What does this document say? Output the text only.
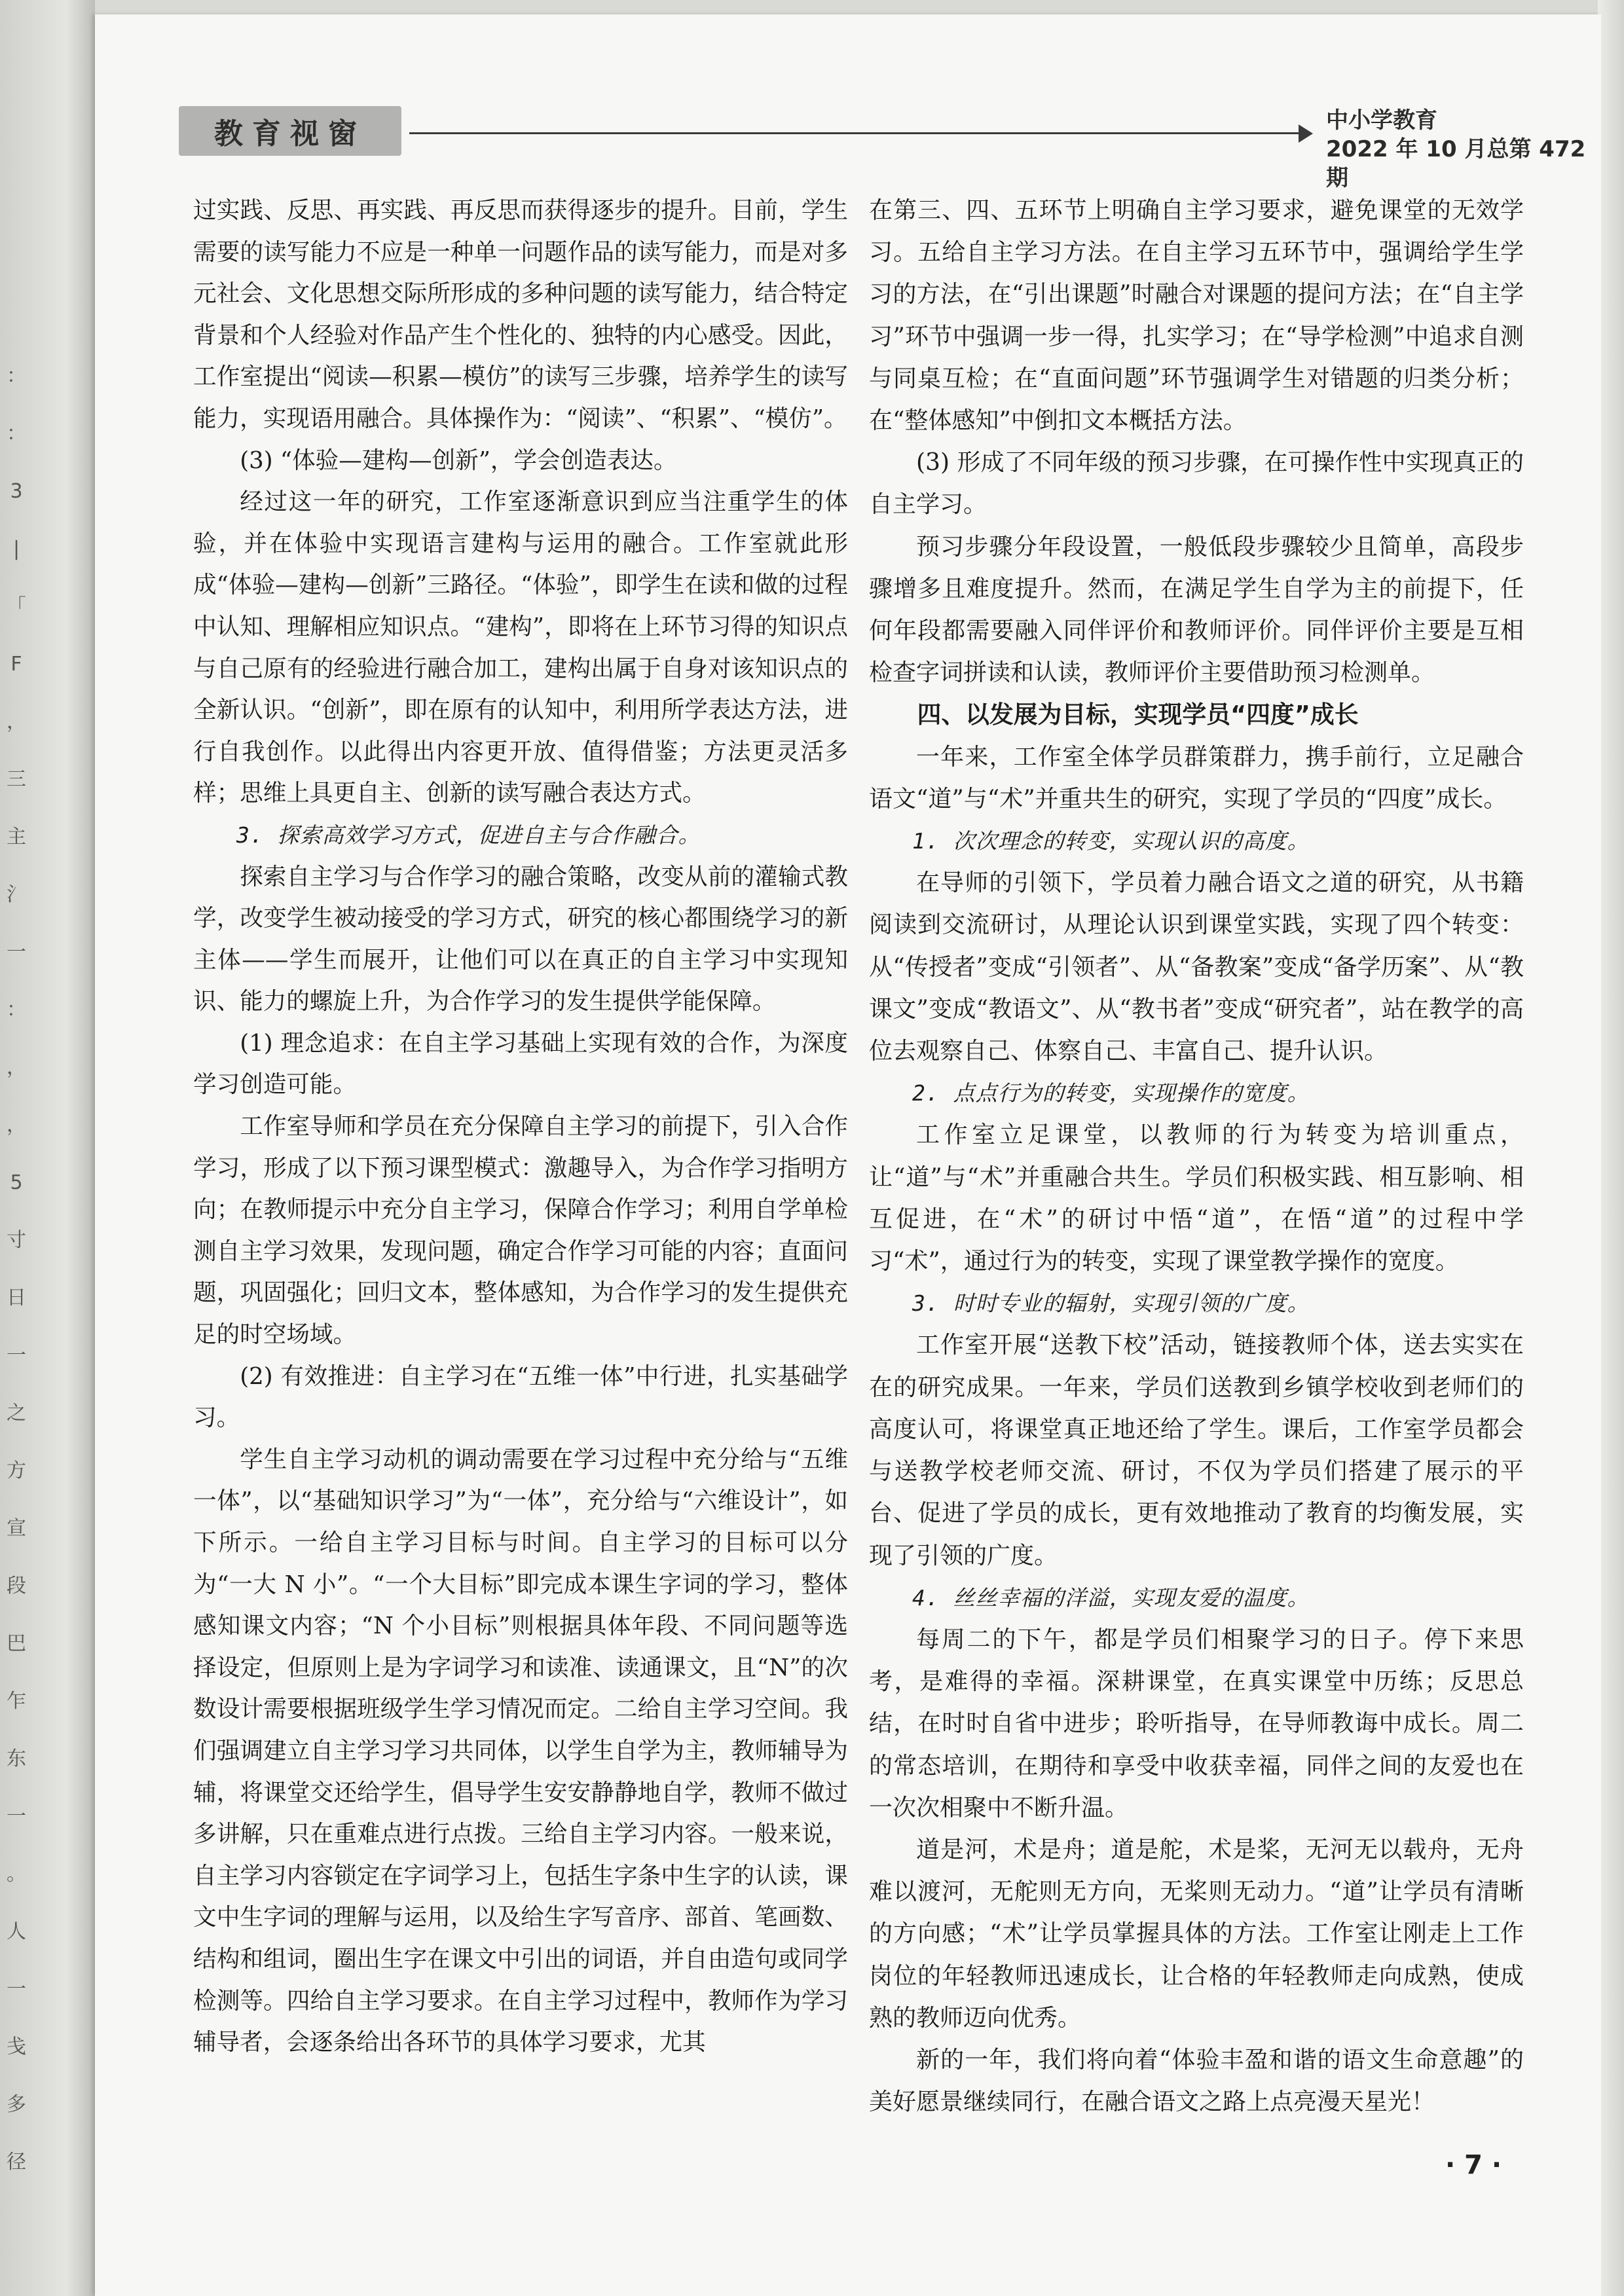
：
：
3
|
「
F
，
三
主
氵
一
：
，
，
5
寸
日
一
之
方
宣
段
巴
乍
东
一
。
人
一
戋
多
径
教育视窗	中小学教育
2022 年 10 月总第 472 期

过实践、反思、再实践、再反思而获得逐步的提升。目前，学生需要的读写能力不应是一种单一问题作品的读写能力，而是对多元社会、文化思想交际所形成的多种问题的读写能力，结合特定背景和个人经验对作品产生个性化的、独特的内心感受。因此，工作室提出“阅读—积累—模仿”的读写三步骤，培养学生的读写能力，实现语用融合。具体操作为：“阅读”、“积累”、“模仿”。

(3) “体验—建构—创新”，学会创造表达。

经过这一年的研究，工作室逐渐意识到应当注重学生的体验，并在体验中实现语言建构与运用的融合。工作室就此形成“体验—建构—创新”三路径。“体验”，即学生在读和做的过程中认知、理解相应知识点。“建构”，即将在上环节习得的知识点与自己原有的经验进行融合加工，建构出属于自身对该知识点的全新认识。“创新”，即在原有的认知中，利用所学表达方法，进行自我创作。以此得出内容更开放、值得借鉴；方法更灵活多样；思维上具更自主、创新的读写融合表达方式。

3. 探索高效学习方式，促进自主与合作融合。

探索自主学习与合作学习的融合策略，改变从前的灌输式教学，改变学生被动接受的学习方式，研究的核心都围绕学习的新主体——学生而展开，让他们可以在真正的自主学习中实现知识、能力的螺旋上升，为合作学习的发生提供学能保障。

(1) 理念追求：在自主学习基础上实现有效的合作，为深度学习创造可能。

工作室导师和学员在充分保障自主学习的前提下，引入合作学习，形成了以下预习课型模式：激趣导入，为合作学习指明方向；在教师提示中充分自主学习，保障合作学习；利用自学单检测自主学习效果，发现问题，确定合作学习可能的内容；直面问题，巩固强化；回归文本，整体感知，为合作学习的发生提供充足的时空场域。

(2) 有效推进：自主学习在“五维一体”中行进，扎实基础学习。

学生自主学习动机的调动需要在学习过程中充分给与“五维一体”，以“基础知识学习”为“一体”，充分给与“六维设计”，如下所示。一给自主学习目标与时间。自主学习的目标可以分为“一大 N 小”。“一个大目标”即完成本课生字词的学习，整体感知课文内容；“N 个小目标”则根据具体年段、不同问题等选择设定，但原则上是为字词学习和读准、读通课文，且“N”的次数设计需要根据班级学生学习情况而定。二给自主学习空间。我们强调建立自主学习学习共同体，以学生自学为主，教师辅导为辅，将课堂交还给学生，倡导学生安安静静地自学，教师不做过多讲解，只在重难点进行点拨。三给自主学习内容。一般来说，自主学习内容锁定在字词学习上，包括生字条中生字的认读，课文中生字词的理解与运用，以及给生字写音序、部首、笔画数、结构和组词，圈出生字在课文中引出的词语，并自由造句或同学检测等。四给自主学习要求。在自主学习过程中，教师作为学习辅导者，会逐条给出各环节的具体学习要求，尤其

在第三、四、五环节上明确自主学习要求，避免课堂的无效学习。五给自主学习方法。在自主学习五环节中，强调给学生学习的方法，在“引出课题”时融合对课题的提问方法；在“自主学习”环节中强调一步一得，扎实学习；在“导学检测”中追求自测与同桌互检；在“直面问题”环节强调学生对错题的归类分析；在“整体感知”中倒扣文本概括方法。

(3) 形成了不同年级的预习步骤，在可操作性中实现真正的自主学习。

预习步骤分年段设置，一般低段步骤较少且简单，高段步骤增多且难度提升。然而，在满足学生自学为主的前提下，任何年段都需要融入同伴评价和教师评价。同伴评价主要是互相检查字词拼读和认读，教师评价主要借助预习检测单。

四、以发展为目标，实现学员“四度”成长

一年来，工作室全体学员群策群力，携手前行，立足融合语文“道”与“术”并重共生的研究，实现了学员的“四度”成长。

1. 次次理念的转变，实现认识的高度。

在导师的引领下，学员着力融合语文之道的研究，从书籍阅读到交流研讨，从理论认识到课堂实践，实现了四个转变：从“传授者”变成“引领者”、从“备教案”变成“备学历案”、从“教课文”变成“教语文”、从“教书者”变成“研究者”，站在教学的高位去观察自己、体察自己、丰富自己、提升认识。

2. 点点行为的转变，实现操作的宽度。

工作室立足课堂，以教师的行为转变为培训重点，让“道”与“术”并重融合共生。学员们积极实践、相互影响、相互促进，在“术”的研讨中悟“道”，在悟“道”的过程中学习“术”，通过行为的转变，实现了课堂教学操作的宽度。

3. 时时专业的辐射，实现引领的广度。

工作室开展“送教下校”活动，链接教师个体，送去实实在在的研究成果。一年来，学员们送教到乡镇学校收到老师们的高度认可，将课堂真正地还给了学生。课后，工作室学员都会与送教学校老师交流、研讨，不仅为学员们搭建了展示的平台、促进了学员的成长，更有效地推动了教育的均衡发展，实现了引领的广度。

4. 丝丝幸福的洋溢，实现友爱的温度。

每周二的下午，都是学员们相聚学习的日子。停下来思考，是难得的幸福。深耕课堂，在真实课堂中历练；反思总结，在时时自省中进步；聆听指导，在导师教诲中成长。周二的常态培训，在期待和享受中收获幸福，同伴之间的友爱也在一次次相聚中不断升温。

道是河，术是舟；道是舵，术是桨，无河无以载舟，无舟难以渡河，无舵则无方向，无桨则无动力。“道”让学员有清晰的方向感；“术”让学员掌握具体的方法。工作室让刚走上工作岗位的年轻教师迅速成长，让合格的年轻教师走向成熟，使成熟的教师迈向优秀。

新的一年，我们将向着“体验丰盈和谐的语文生命意趣”的美好愿景继续同行，在融合语文之路上点亮漫天星光！

· 7 ·
